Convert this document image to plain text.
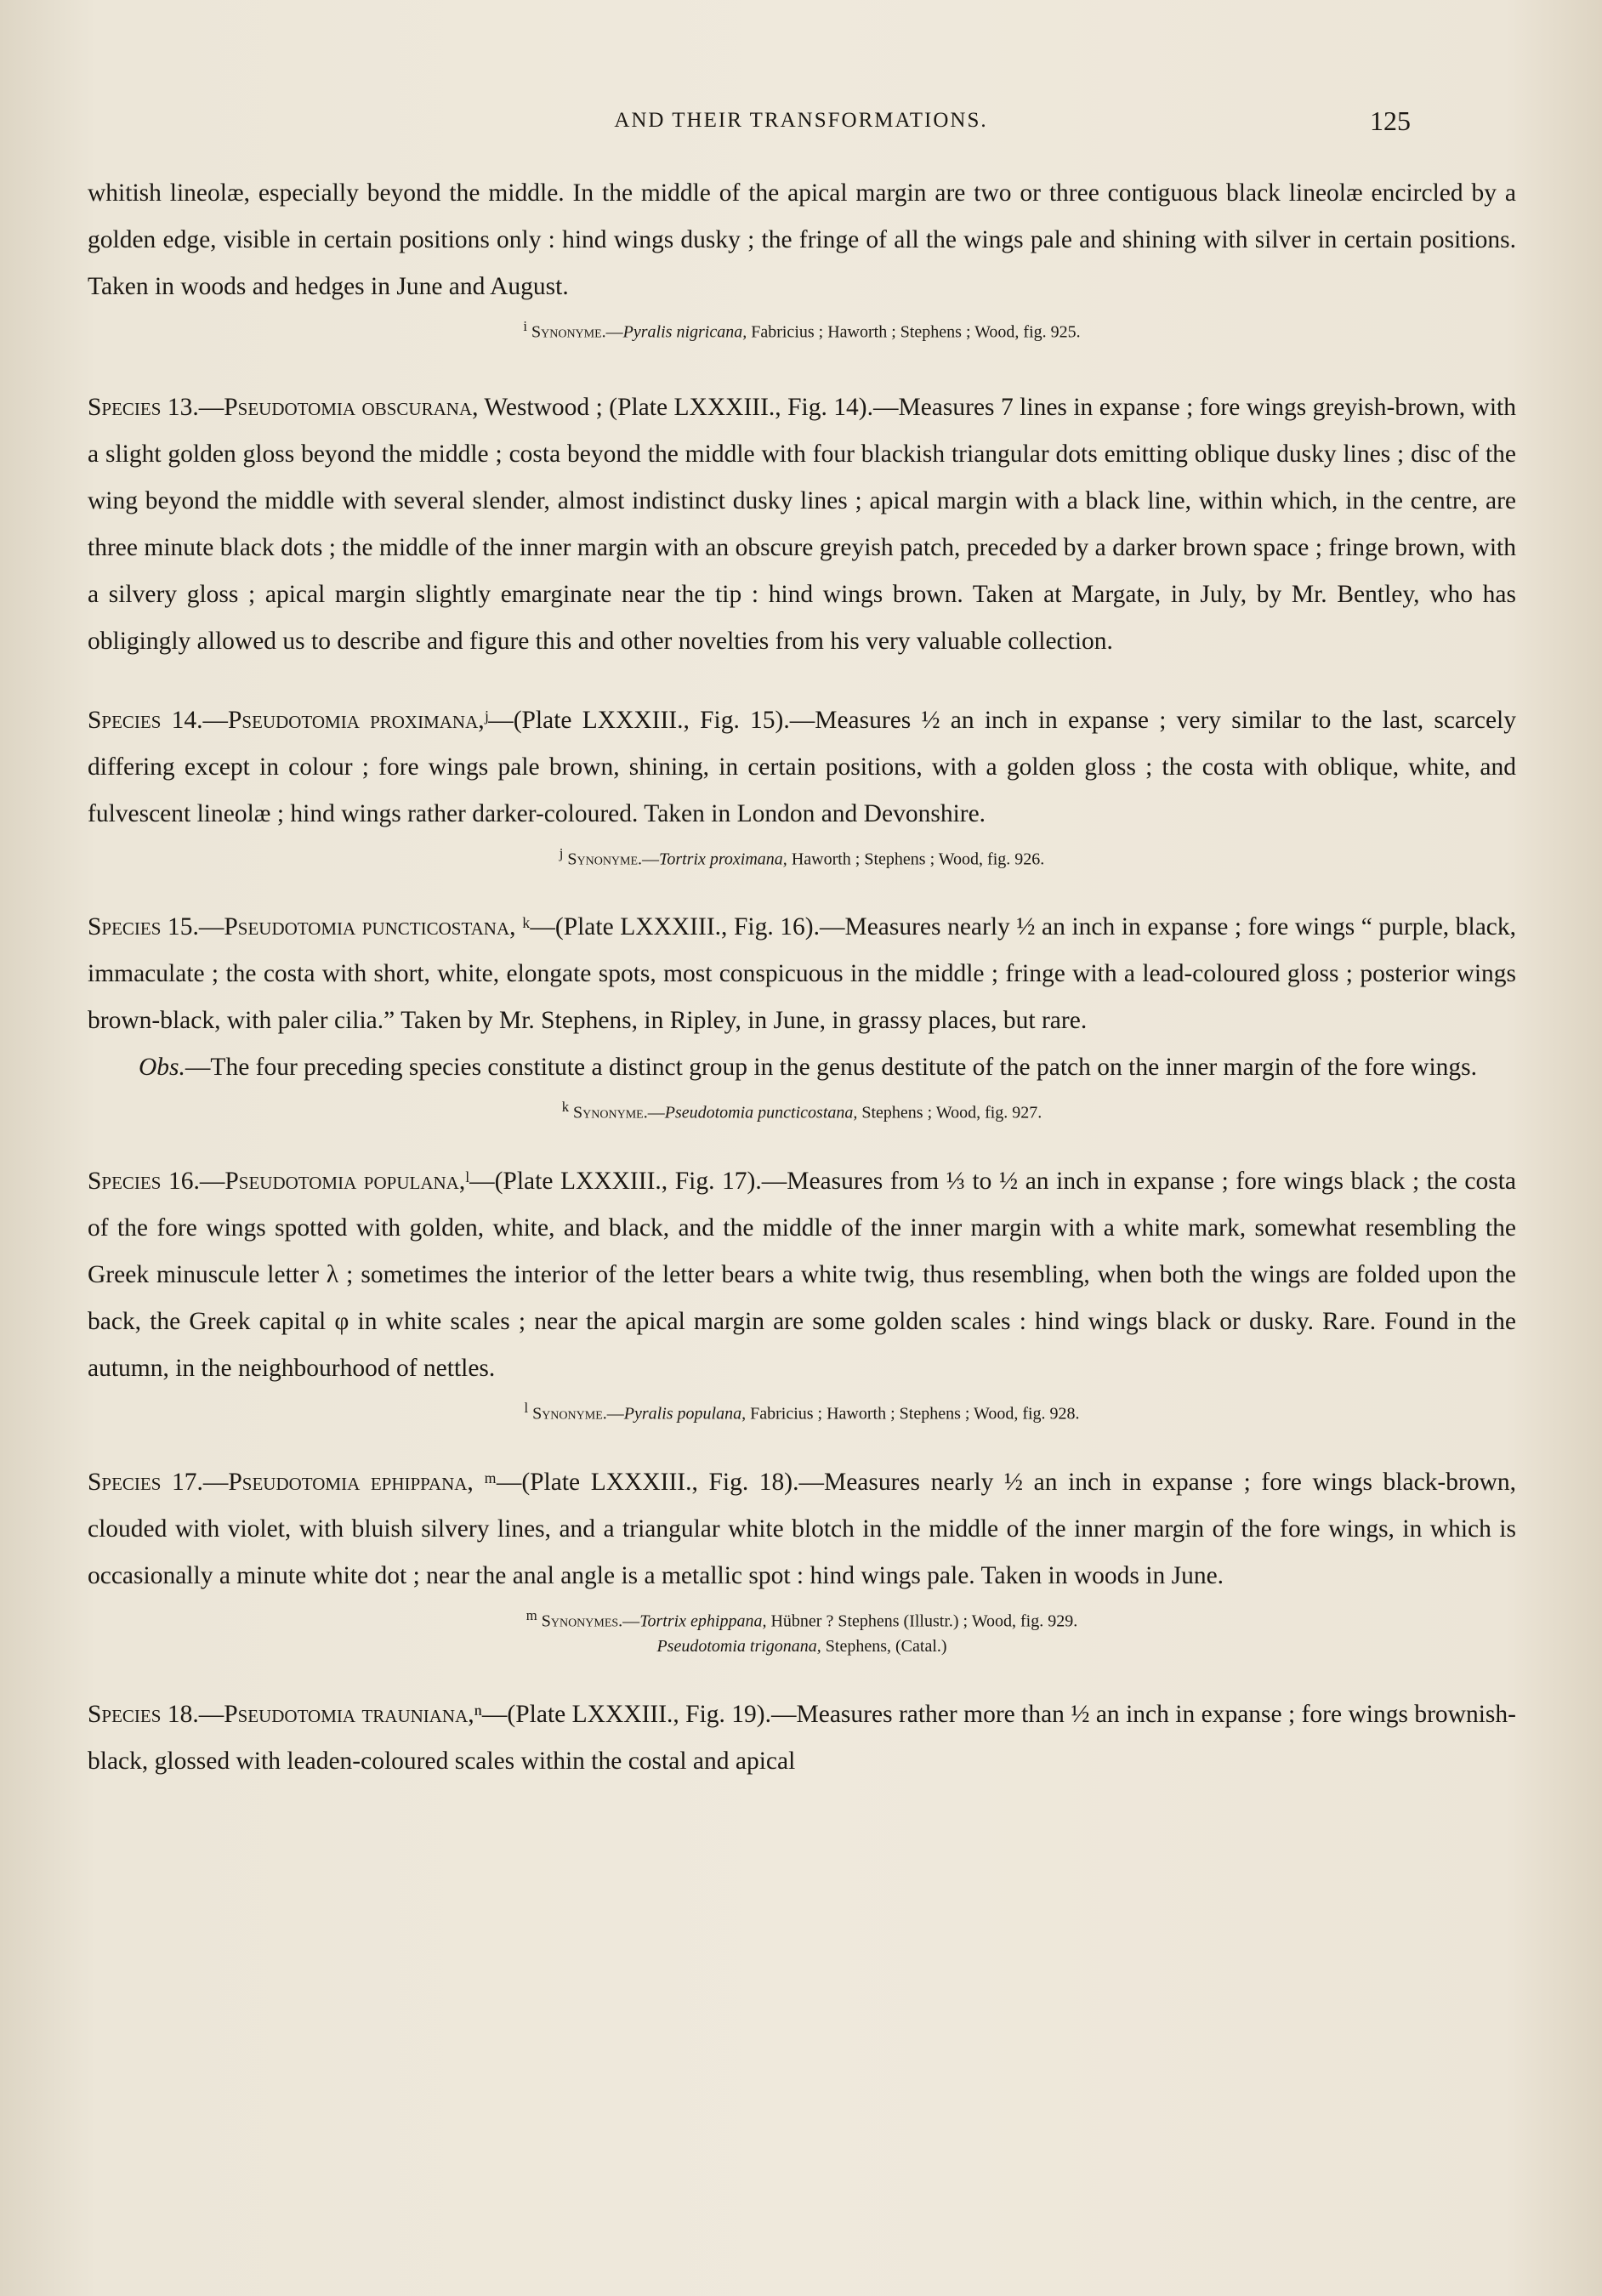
AND THEIR TRANSFORMATIONS.	125

whitish lineolæ, especially beyond the middle. In the middle of the apical margin are two or three contiguous black lineolæ encircled by a golden edge, visible in certain positions only : hind wings dusky ; the fringe of all the wings pale and shining with silver in certain positions. Taken in woods and hedges in June and August.

$^i$ Synonyme.—Pyralis nigricana, Fabricius ; Haworth ; Stephens ; Wood, fig. 925.

Species 13.—Pseudotomia obscurana, Westwood ; (Plate LXXXIII., Fig. 14).—Measures 7 lines in expanse ; fore wings greyish-brown, with a slight golden gloss beyond the middle ; costa beyond the middle with four blackish triangular dots emitting oblique dusky lines ; disc of the wing beyond the middle with several slender, almost indistinct dusky lines ; apical margin with a black line, within which, in the centre, are three minute black dots ; the middle of the inner margin with an obscure greyish patch, preceded by a darker brown space ; fringe brown, with a silvery gloss ; apical margin slightly emarginate near the tip : hind wings brown. Taken at Margate, in July, by Mr. Bentley, who has obligingly allowed us to describe and figure this and other novelties from his very valuable collection.

Species 14.—Pseudotomia proximana,ʲ—(Plate LXXXIII., Fig. 15).—Measures ½ an inch in expanse ; very similar to the last, scarcely differing except in colour ; fore wings pale brown, shining, in certain positions, with a golden gloss ; the costa with oblique, white, and fulvescent lineolæ ; hind wings rather darker-coloured. Taken in London and Devonshire.

$^j$ Synonyme.—Tortrix proximana, Haworth ; Stephens ; Wood, fig. 926.

Species 15.—Pseudotomia puncticostana, ᵏ—(Plate LXXXIII., Fig. 16).—Measures nearly ½ an inch in expanse ; fore wings “ purple, black, immaculate ; the costa with short, white, elongate spots, most conspicuous in the middle ; fringe with a lead-coloured gloss ; posterior wings brown-black, with paler cilia.” Taken by Mr. Stephens, in Ripley, in June, in grassy places, but rare.

Obs.—The four preceding species constitute a distinct group in the genus destitute of the patch on the inner margin of the fore wings.

$^k$ Synonyme.—Pseudotomia puncticostana, Stephens ; Wood, fig. 927.

Species 16.—Pseudotomia populana,ˡ—(Plate LXXXIII., Fig. 17).—Measures from ⅓ to ½ an inch in expanse ; fore wings black ; the costa of the fore wings spotted with golden, white, and black, and the middle of the inner margin with a white mark, somewhat resembling the Greek minuscule letter λ ; sometimes the interior of the letter bears a white twig, thus resembling, when both the wings are folded upon the back, the Greek capital φ in white scales ; near the apical margin are some golden scales : hind wings black or dusky. Rare. Found in the autumn, in the neighbourhood of nettles.

$^l$ Synonyme.—Pyralis populana, Fabricius ; Haworth ; Stephens ; Wood, fig. 928.

Species 17.—Pseudotomia ephippana, ᵐ—(Plate LXXXIII., Fig. 18).—Measures nearly ½ an inch in expanse ; fore wings black-brown, clouded with violet, with bluish silvery lines, and a triangular white blotch in the middle of the inner margin of the fore wings, in which is occasionally a minute white dot ; near the anal angle is a metallic spot : hind wings pale. Taken in woods in June.

$^m$ Synonymes.—Tortrix ephippana, Hübner ? Stephens (Illustr.) ; Wood, fig. 929.
Pseudotomia trigonana, Stephens, (Catal.)

Species 18.—Pseudotomia trauniana,ⁿ—(Plate LXXXIII., Fig. 19).—Measures rather more than ½ an inch in expanse ; fore wings brownish-black, glossed with leaden-coloured scales within the costal and apical
